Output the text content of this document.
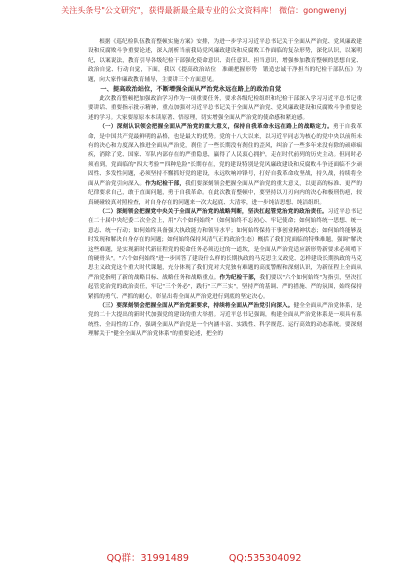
关注头条号"公文研究"，获得最新最全最专业的公文资料库！ 微信：gongwenyj

根据《巡纪检队伍教育整顿实施方案》安排，为进一步学习习近平总书记关于全面从严治党、党风廉政建设和反腐败斗争重要论述，深入剖析当前我局党风廉政建设和反腐败工作面临的复杂形势，深化认识，以案明纪，以案说法，教育引导各级纪检干部强化使命意识、责任意识、担当意识，增强参加教育整顿的思想自觉、政治自觉、行动自觉，下面，我以《提高政治站位　准确把握形势　锻造忠诚干净担当的纪检干部队伍》为题，向大家作廉政教育辅导，主要讲三个方面意见。

一、提高政治站位，不断增强全面从严治党永远在路上的政治自觉

此次教育整顿把加强政治学习作为一项重要任务，要求各级纪检组织和纪检干部深入学习习近平总书记重要讲话、重要指示批示精神，重点加强对习近平总书记关于全面从严治党、党风廉政建设和反腐败斗争重要论述的学习。大家要原原本本读原著、悟原理，切实增强全面从严治党的使命感和紧迫感。

（一）深刻认识领会把握全面从严治党的重大意义，保持自我革命永远在路上的战略定力。勇于自我革命，是中国共产党最鲜明的品格，也是最大的优势。党的十八大以来，以习近平同志为核心的党中央以前所未有的决心和力度深入推进全面从严治党，刹住了一些长期没有刹住的歪风，纠治了一些多年来没有除的顽瘴痼疾，消除了党、国家、军队内部存在的严重隐患，赢得了人民衷心拥护，走在时代前列的历史主动。但同时必须看到，党面临的"四大考验""四种危险"长期存在，党的建设特别是党风廉政建设和反腐败斗争还面临不少顽固性、多发性问题，必须坚持不懈抓好党的建设，永远吹响冲锋号，打好自我革命攻坚战，持久战，持续将全面从严治党引向深入。作为纪检干部，我们要深刻领会把握全面从严治党的重大意义，以更高的标准、更严的纪律要求自己，敢于直面问题，勇于自我革命。在此次教育整顿中，要坚持以刀刃向内的决心和极刑伤疤，较真硬碰较真对照检查，对自身存在的问题来一次大起底、大清零，进一步纯洁思想、纯洁组织。

（二）深刻领会把握党中央关于全面从严治党的战略判断，坚决扛起管党治党的政治责任。习近平总书记在二十届中央纪委二次全会上，用"六个如何始终"（如何始终不忘初心、牢记使命；如何始终统一思想、统一意志、统一行动；如何始终具备强大执政能力和领导水平；如何始终保持干事创业精神状态；如何始终能够及时发现和解决自身存在的问题；如何始终保持风清气正的政治生态）概括了我们党面临的特殊难题，强调"解决这些难题，是实现新时代新征程党的使命任务必须迈过的一道坎，是全面从严治党适应新形势新要求必须啃下的硬骨头"。"六个如何始终"进一步回答了建设什么样的长期执政的马克思主义政党、怎样建设长期执政的马克思主义政党这个重大时代课题，充分体现了我们党对大党独有难题的高度警醒和深刻认识，为新征程上全面从严治党指明了新的战略目标、战略任务和战略重点。作为纪检干部，我们要以"六个如何始终"为指引，坚决扛起管党治党的政治责任，牢记"三个务必"，践行"三严三实"，坚持严的基调、严的措施、严的氛围，始终保持紧抓的勇气、严抓的耐心，彰显出将全面从严治党进行到底的坚定决心。

（三）要深刻领会把握全面从严治党新要求，持续将全面从严治党引向深入。健全全面从严治党体系，是党的二十大提出的新时代加强党的建设的重大举措。习近平总书记强调，构建全面从严治党体系是一项具有系统性、全局性的工作，强调全面从严治党是一个内涵丰富、实践性、科学规范、运行高效的动态系统。要深刻理解关于"健全全面从严治党体系"的重要论述，把全的

QQ群：31991489	QQ:535304092
